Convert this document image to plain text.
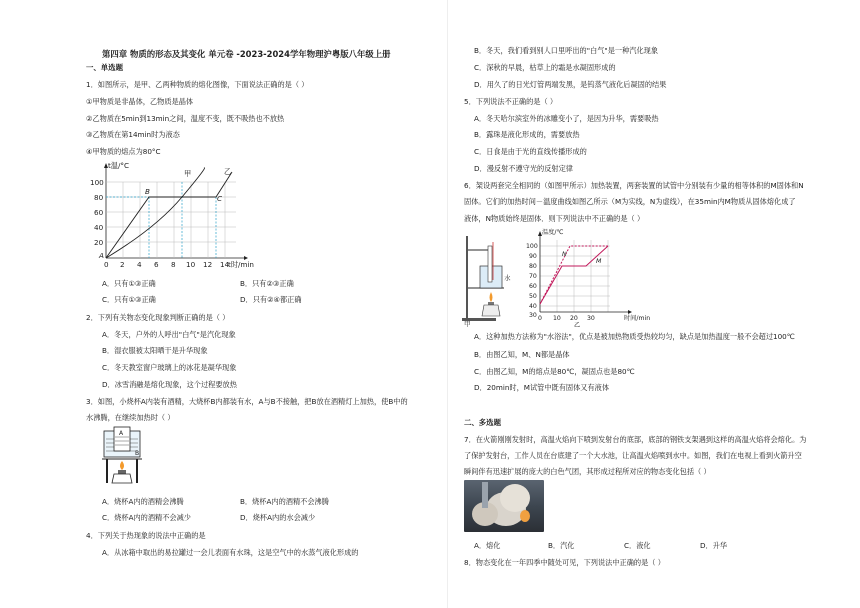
第四章 物质的形态及其变化 单元卷 -2023-2024学年物理沪粤版八年级上册
一、单选题
1．如图所示，是甲、乙两种物质的熔化图像，下面说法正确的是（ ）
①甲物质是非晶体，乙物质是晶体
②乙物质在5min到13min之间，温度不变，既不吸热也不放热
③乙物质在第14min时为液态
④甲物质的熔点为80°C
100
80
60
40
20
0 2 4 6 8 10 12 14
t温/°C
t时/min
甲	乙
B
C
A
A．只有①③正确	B．只有②③正确
C．只有①③正确	D．只有②④都正确
2．下列有关物态变化现象判断正确的是（ ）
A．冬天，户外的人呼出"白气"是汽化现象
B．湿衣服被太阳晒干是升华现象
C．冬天教室窗户玻璃上的冰花是凝华现象
D．冰雪消融是熔化现象，这个过程要放热
3．如图，小烧杯A内装有酒精，大烧杯B内都装有水，A与B不接触，把B放在酒精灯上加热，使B中的
水沸腾，在继续加热时（ ）
A
B
A．烧杯A内的酒精会沸腾	B．烧杯A内的酒精不会沸腾
C．烧杯A内的酒精不会减少	D．烧杯A内的水会减少
4．下列关于热现象的说法中正确的是
A．从冰箱中取出的易拉罐过一会儿表面有水珠，这是空气中的水蒸气液化形成的
B．冬天，我们看到别人口里呼出的"白气"是一种汽化现象
C．深秋的早晨，枯草上的霜是水凝固形成的
D．用久了的日光灯管两端发黑，是钨蒸气液化后凝固的结果
5．下列说法不正确的是（ ）
A．冬天哈尔滨室外的冰雕变小了，是因为升华，需要吸热
B．露珠是液化形成的，需要放热
C．日食是由于光的直线传播形成的
D．漫反射不遵守光的反射定律
6．架设两套完全相同的（如图甲所示）加热装置，两套装置的试管中分别装有少量的相等体积的M固体和N
固体。它们的加热时间－温度曲线如图乙所示（M为实线，N为虚线），在35min内M物质从固体熔化成了
液体，N物质始终是固体．则下列说法中不正确的是（ ）
水
甲
温度/℃
100
90
80
70
60
50
40
30 0 10 20 30	时间/min
N
M
乙
A．这种加热方法称为"水浴法"，优点是被加热物质受热较均匀，缺点是加热温度一般不会超过100℃
B．由图乙知，M、N都是晶体
C．由图乙知，M的熔点是80℃，凝固点也是80℃
D．20min时，M试管中既有固体又有液体
二、多选题
7．在火箭刚刚发射时，高温火焰向下喷到发射台的底部，底部的钢铁支架遇到这样的高温火焰将会熔化。为
了保护发射台，工作人员在台底建了一个大水池，让高温火焰喷到水中。如图，我们在电视上看到火箭升空
瞬间伴有迅速扩展的庞大的白色气团，其形成过程所对应的物态变化包括（ ）
A．熔化	B．汽化	C．液化	D．升华
8．物态变化在一年四季中随处可见，下列说法中正确的是（ ）
